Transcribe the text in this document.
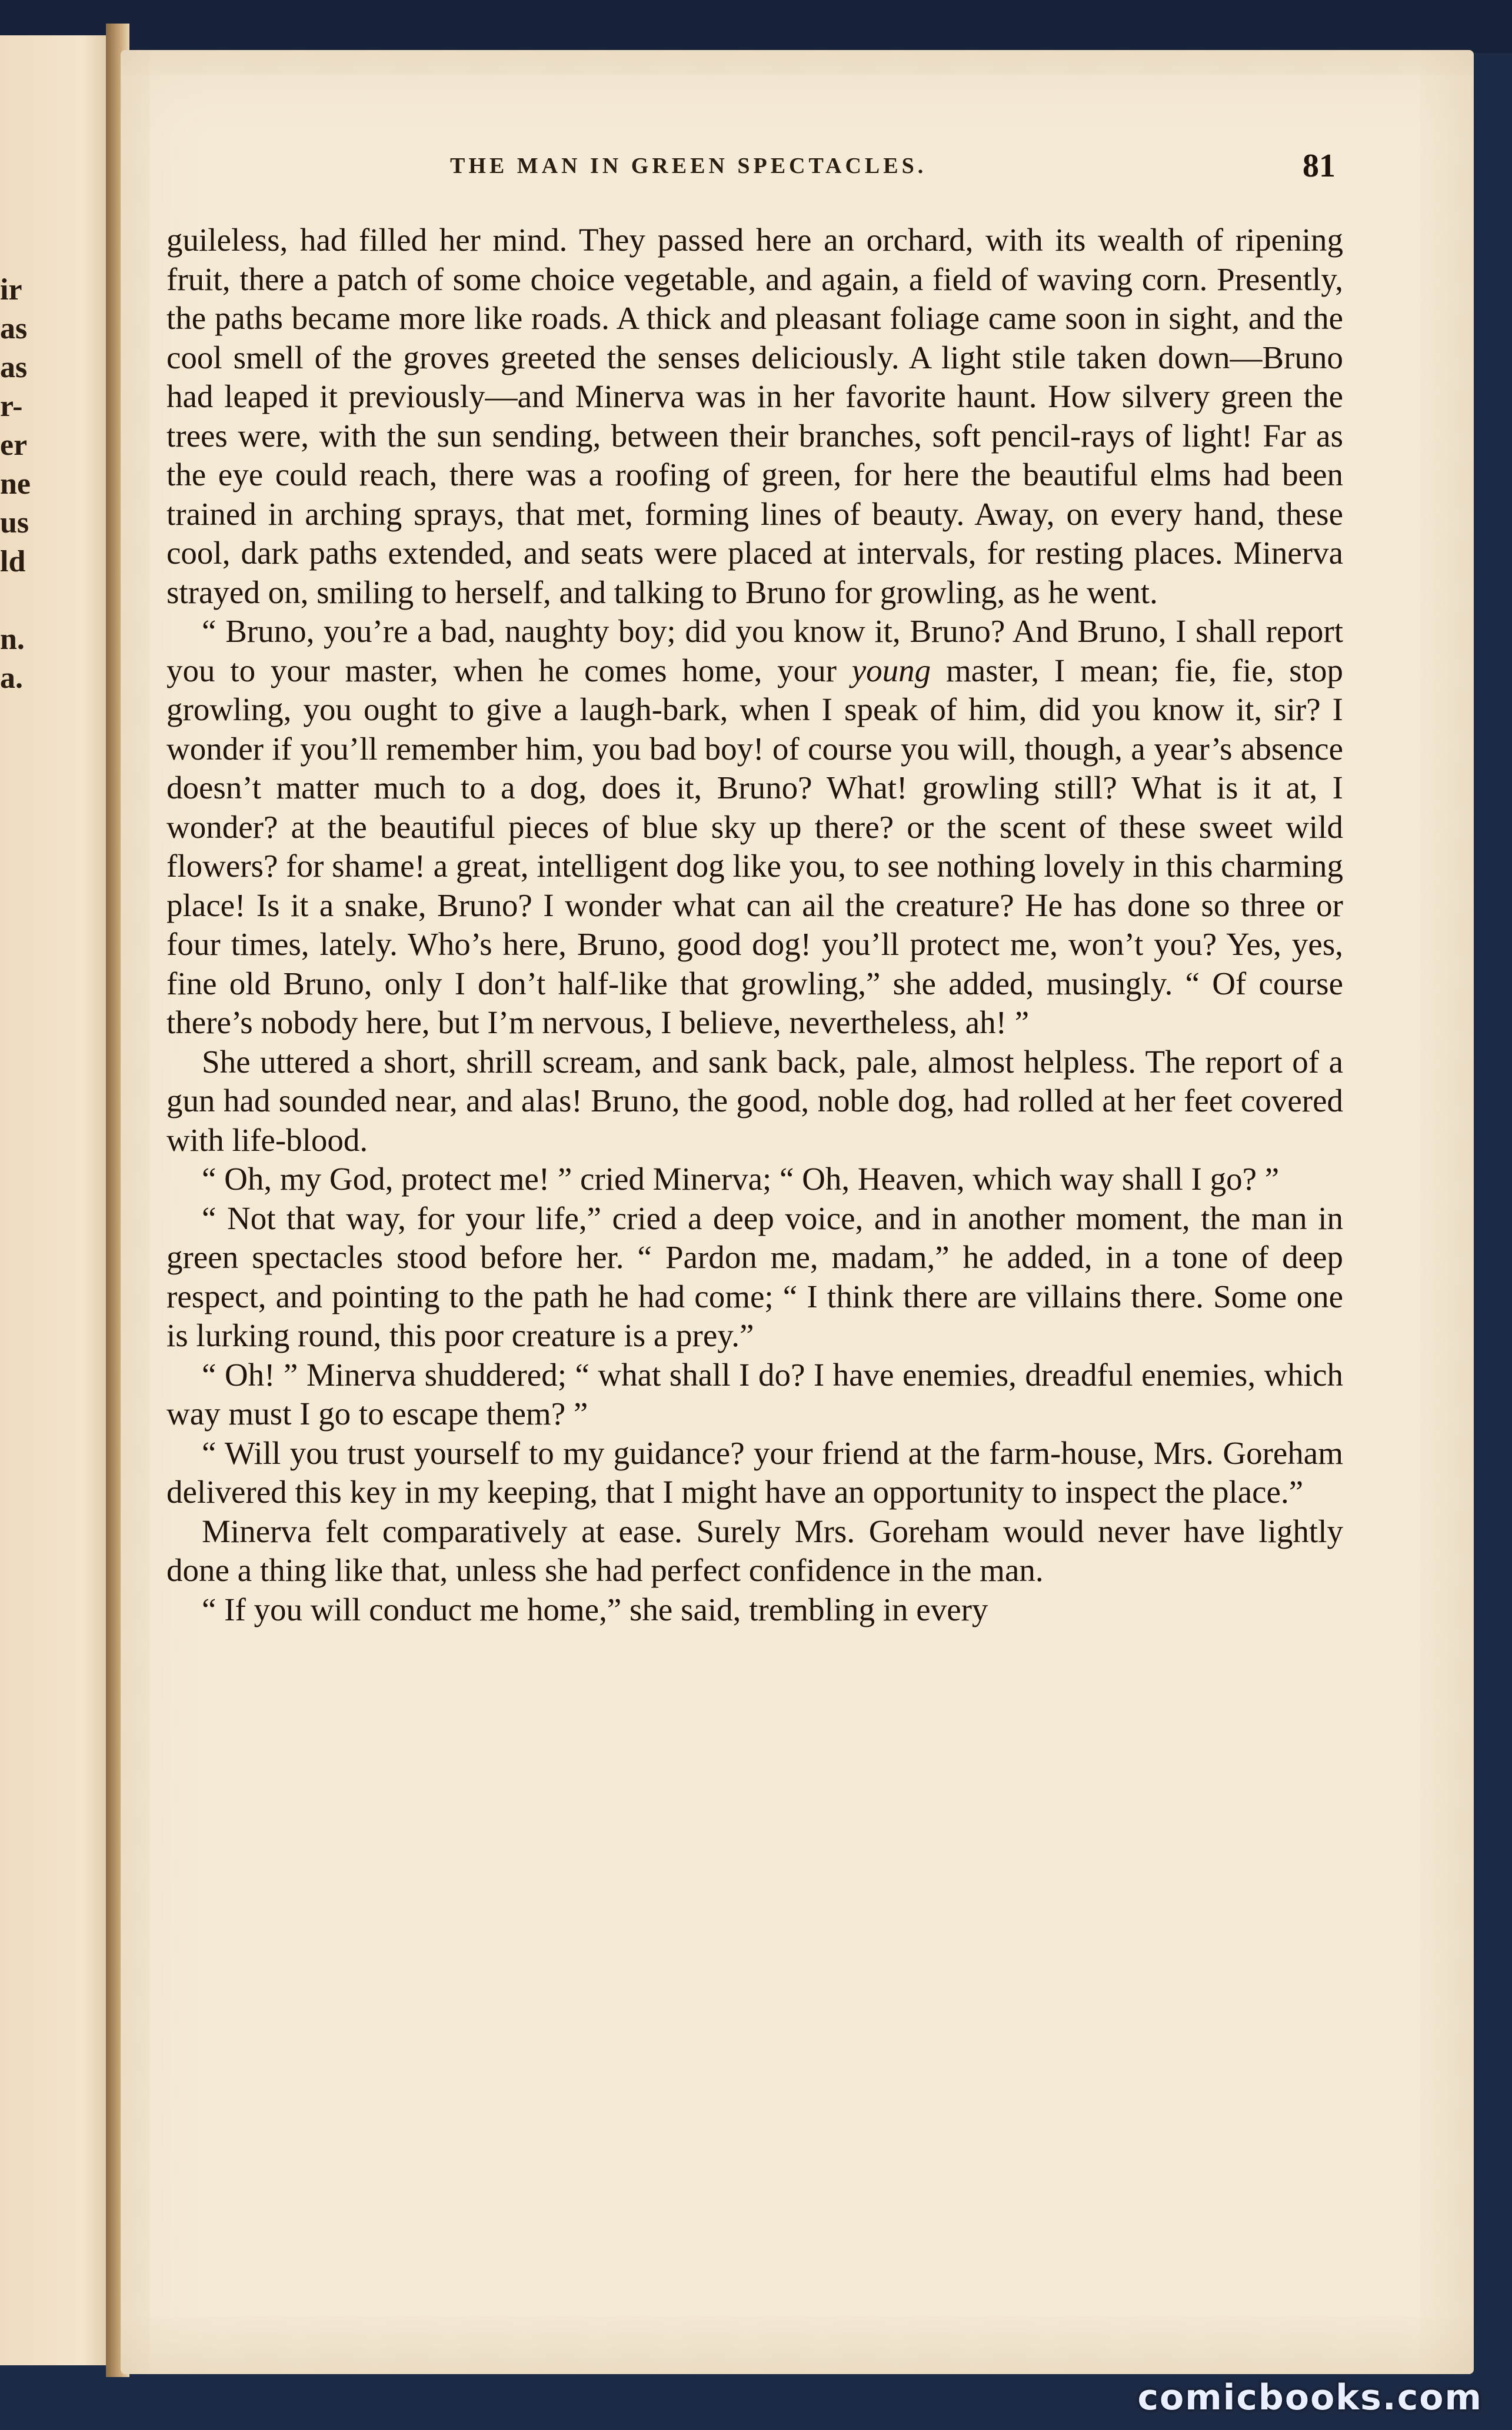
ir
as
as
r-
er
ne
us
ld

n.
a.
THE MAN IN GREEN SPECTACLES.	81

guileless, had filled her mind. They passed here an orchard, with its wealth of ripening fruit, there a patch of some choice vegetable, and again, a field of waving corn. Presently, the paths became more like roads. A thick and pleasant foliage came soon in sight, and the cool smell of the groves greeted the senses deliciously. A light stile taken down—Bruno had leaped it previously—and Minerva was in her favorite haunt. How silvery green the trees were, with the sun sending, between their branches, soft pencil-rays of light! Far as the eye could reach, there was a roofing of green, for here the beautiful elms had been trained in arching sprays, that met, forming lines of beauty. Away, on every hand, these cool, dark paths extended, and seats were placed at intervals, for resting places. Minerva strayed on, smiling to herself, and talking to Bruno for growling, as he went.

“ Bruno, you’re a bad, naughty boy; did you know it, Bruno? And Bruno, I shall report you to your master, when he comes home, your young master, I mean; fie, fie, stop growling, you ought to give a laugh-bark, when I speak of him, did you know it, sir? I wonder if you’ll remember him, you bad boy! of course you will, though, a year’s absence doesn’t matter much to a dog, does it, Bruno? What! growling still? What is it at, I wonder? at the beautiful pieces of blue sky up there? or the scent of these sweet wild flowers? for shame! a great, intelligent dog like you, to see nothing lovely in this charming place! Is it a snake, Bruno? I wonder what can ail the creature? He has done so three or four times, lately. Who’s here, Bruno, good dog! you’ll protect me, won’t you? Yes, yes, fine old Bruno, only I don’t half-like that growling,” she added, musingly. “ Of course there’s nobody here, but I’m nervous, I believe, nevertheless, ah! ”

She uttered a short, shrill scream, and sank back, pale, almost helpless. The report of a gun had sounded near, and alas! Bruno, the good, noble dog, had rolled at her feet covered with life-blood.

“ Oh, my God, protect me! ” cried Minerva; “ Oh, Heaven, which way shall I go? ”

“ Not that way, for your life,” cried a deep voice, and in another moment, the man in green spectacles stood before her. “ Pardon me, madam,” he added, in a tone of deep respect, and pointing to the path he had come; “ I think there are villains there. Some one is lurking round, this poor creature is a prey.”

“ Oh! ” Minerva shuddered; “ what shall I do? I have enemies, dreadful enemies, which way must I go to escape them? ”

“ Will you trust yourself to my guidance? your friend at the farm-house, Mrs. Goreham delivered this key in my keeping, that I might have an opportunity to inspect the place.”

Minerva felt comparatively at ease. Surely Mrs. Goreham would never have lightly done a thing like that, unless she had perfect confidence in the man.

“ If you will conduct me home,” she said, trembling in every

comicbooks.com
